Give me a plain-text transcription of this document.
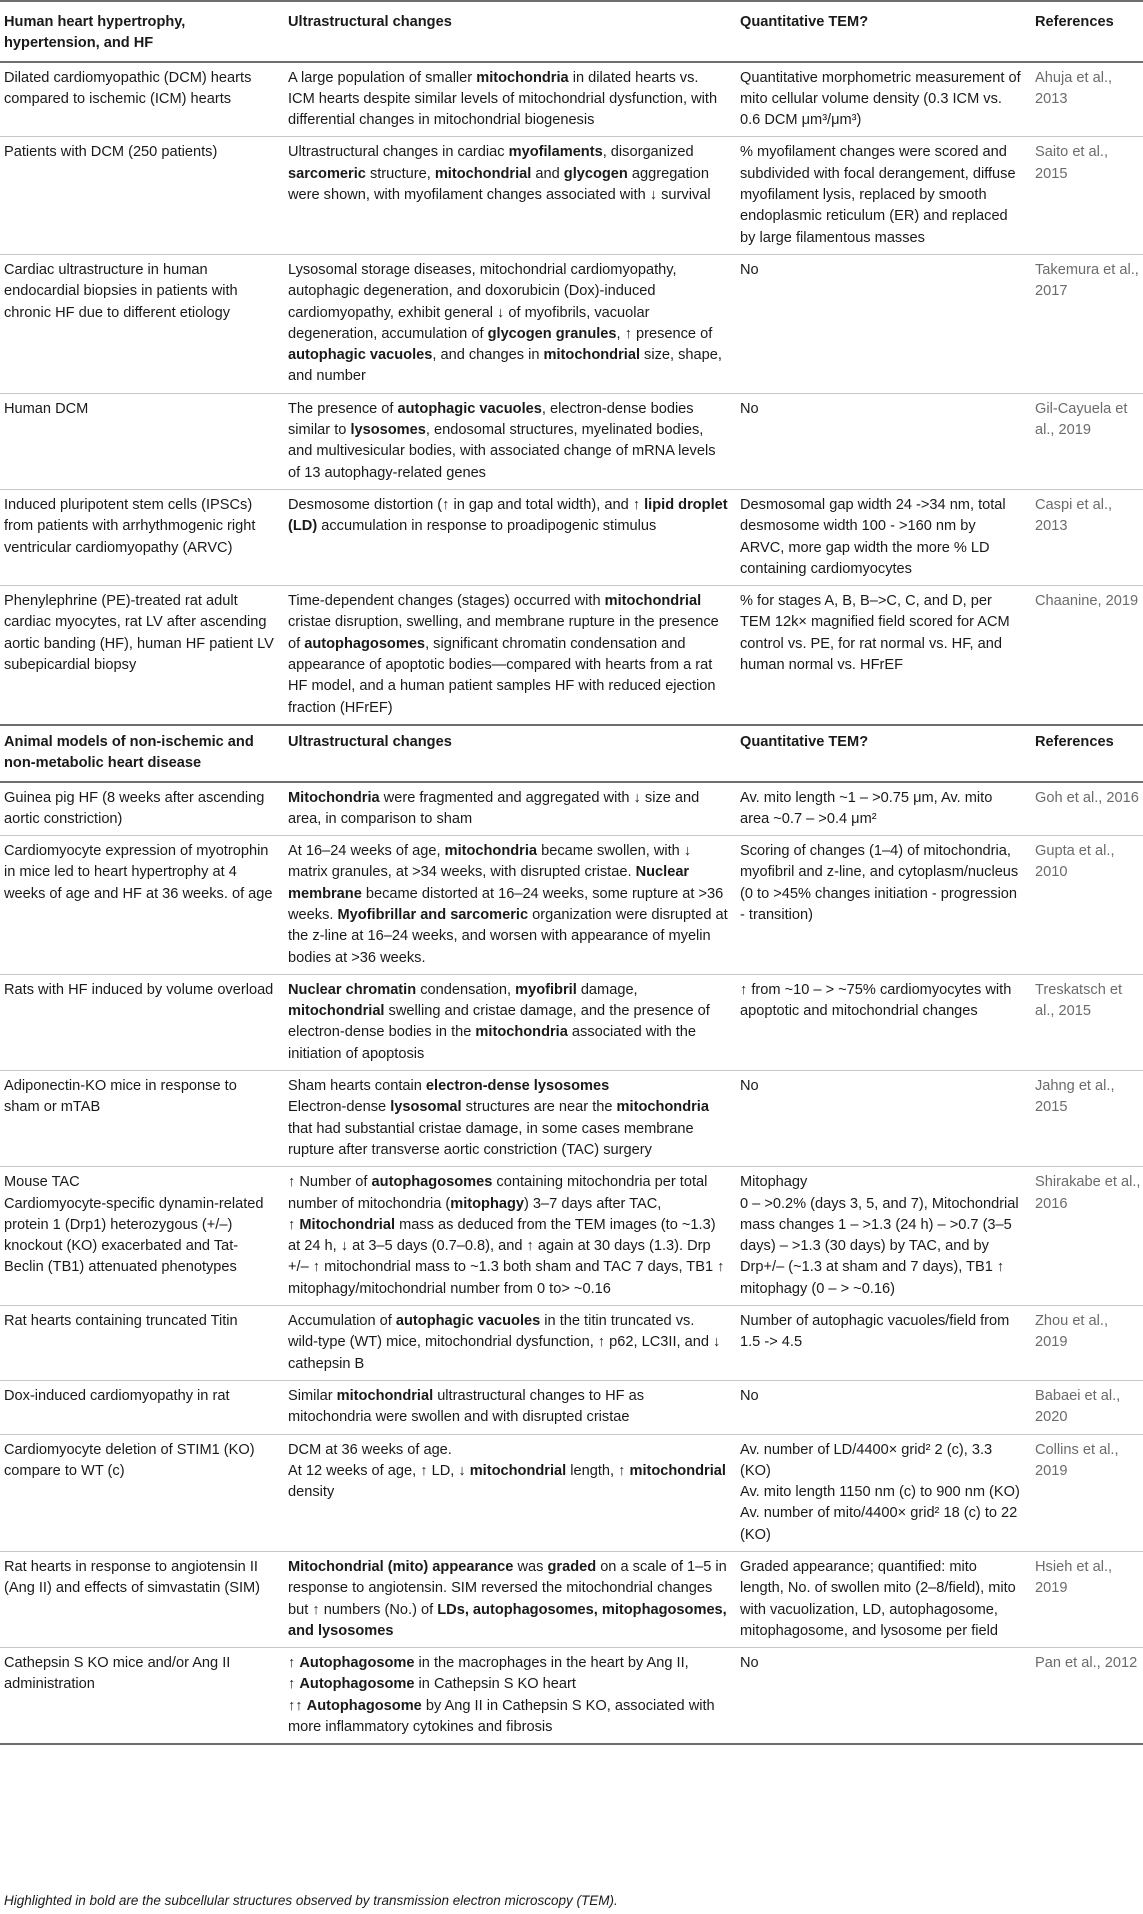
Human heart hypertrophy, hypertension, and HF	Ultrastructural changes	Quantitative TEM?	References

Dilated cardiomyopathic (DCM) hearts compared to ischemic (ICM) hearts	A large population of smaller mitochondria in dilated hearts vs. ICM hearts despite similar levels of mitochondrial dysfunction, with differential changes in mitochondrial biogenesis	Quantitative morphometric measurement of mito cellular volume density (0.3 ICM vs. 0.6 DCM μm³/μm³)	Ahuja et al., 2013

Patients with DCM (250 patients)	Ultrastructural changes in cardiac myofilaments, disorganized sarcomeric structure, mitochondrial and glycogen aggregation were shown, with myofilament changes associated with ↓ survival	% myofilament changes were scored and subdivided with focal derangement, diffuse myofilament lysis, replaced by smooth endoplasmic reticulum (ER) and replaced by large filamentous masses	Saito et al., 2015

Cardiac ultrastructure in human endocardial biopsies in patients with chronic HF due to different etiology	Lysosomal storage diseases, mitochondrial cardiomyopathy, autophagic degeneration, and doxorubicin (Dox)-induced cardiomyopathy, exhibit general ↓ of myofibrils, vacuolar degeneration, accumulation of glycogen granules, ↑ presence of autophagic vacuoles, and changes in mitochondrial size, shape, and number	No	Takemura et al., 2017

Human DCM	The presence of autophagic vacuoles, electron-dense bodies similar to lysosomes, endosomal structures, myelinated bodies, and multivesicular bodies, with associated change of mRNA levels of 13 autophagy-related genes	No	Gil-Cayuela et al., 2019

Induced pluripotent stem cells (IPSCs) from patients with arrhythmogenic right ventricular cardiomyopathy (ARVC)	Desmosome distortion (↑ in gap and total width), and ↑ lipid droplet (LD) accumulation in response to proadipogenic stimulus	Desmosomal gap width 24 ->34 nm, total desmosome width 100 - >160 nm by ARVC, more gap width the more % LD containing cardiomyocytes	Caspi et al., 2013

Phenylephrine (PE)-treated rat adult cardiac myocytes, rat LV after ascending aortic banding (HF), human HF patient LV subepicardial biopsy	Time-dependent changes (stages) occurred with mitochondrial cristae disruption, swelling, and membrane rupture in the presence of autophagosomes, significant chromatin condensation and appearance of apoptotic bodies—compared with hearts from a rat HF model, and a human patient samples HF with reduced ejection fraction (HFrEF)	% for stages A, B, B–>C, C, and D, per TEM 12k× magnified field scored for ACM control vs. PE, for rat normal vs. HF, and human normal vs. HFrEF	Chaanine, 2019

Animal models of non-ischemic and non-metabolic heart disease	Ultrastructural changes	Quantitative TEM?	References

Guinea pig HF (8 weeks after ascending aortic constriction)	Mitochondria were fragmented and aggregated with ↓ size and area, in comparison to sham	Av. mito length ~1 – >0.75 μm, Av. mito area ~0.7 – >0.4 μm²	Goh et al., 2016

Cardiomyocyte expression of myotrophin in mice led to heart hypertrophy at 4 weeks of age and HF at 36 weeks. of age	At 16–24 weeks of age, mitochondria became swollen, with ↓ matrix granules, at >34 weeks, with disrupted cristae. Nuclear membrane became distorted at 16–24 weeks, some rupture at >36 weeks. Myofibrillar and sarcomeric organization were disrupted at the z-line at 16–24 weeks, and worsen with appearance of myelin bodies at >36 weeks.	Scoring of changes (1–4) of mitochondria, myofibril and z-line, and cytoplasm/nucleus (0 to >45% changes initiation - progression - transition)	Gupta et al., 2010

Rats with HF induced by volume overload	Nuclear chromatin condensation, myofibril damage, mitochondrial swelling and cristae damage, and the presence of electron-dense bodies in the mitochondria associated with the initiation of apoptosis	↑ from ~10 – > ~75% cardiomyocytes with apoptotic and mitochondrial changes	Treskatsch et al., 2015

Adiponectin-KO mice in response to sham or mTAB	Sham hearts contain electron-dense lysosomes
Electron-dense lysosomal structures are near the mitochondria that had substantial cristae damage, in some cases membrane rupture after transverse aortic constriction (TAC) surgery	No	Jahng et al., 2015

Mouse TAC
Cardiomyocyte-specific dynamin-related protein 1 (Drp1) heterozygous (+/–) knockout (KO) exacerbated and Tat-Beclin (TB1) attenuated phenotypes	↑ Number of autophagosomes containing mitochondria per total number of mitochondria (mitophagy) 3–7 days after TAC,
↑ Mitochondrial mass as deduced from the TEM images (to ~1.3) at 24 h, ↓ at 3–5 days (0.7–0.8), and ↑ again at 30 days (1.3). Drp +/– ↑ mitochondrial mass to ~1.3 both sham and TAC 7 days, TB1 ↑ mitophagy/mitochondrial number from 0 to> ~0.16	Mitophagy
0 – >0.2% (days 3, 5, and 7), Mitochondrial mass changes 1 – >1.3 (24 h) – >0.7 (3–5 days) – >1.3 (30 days) by TAC, and by Drp+/– (~1.3 at sham and 7 days), TB1 ↑ mitophagy (0 – > ~0.16)	Shirakabe et al., 2016

Rat hearts containing truncated Titin	Accumulation of autophagic vacuoles in the titin truncated vs. wild-type (WT) mice, mitochondrial dysfunction, ↑ p62, LC3II, and ↓ cathepsin B	Number of autophagic vacuoles/field from 1.5 -> 4.5	Zhou et al., 2019

Dox-induced cardiomyopathy in rat	Similar mitochondrial ultrastructural changes to HF as mitochondria were swollen and with disrupted cristae	No	Babaei et al., 2020

Cardiomyocyte deletion of STIM1 (KO) compare to WT (c)	DCM at 36 weeks of age.
At 12 weeks of age, ↑ LD, ↓ mitochondrial length, ↑ mitochondrial density	Av. number of LD/4400× grid² 2 (c), 3.3 (KO)
Av. mito length 1150 nm (c) to 900 nm (KO)
Av. number of mito/4400× grid² 18 (c) to 22 (KO)	Collins et al., 2019

Rat hearts in response to angiotensin II (Ang II) and effects of simvastatin (SIM)	Mitochondrial (mito) appearance was graded on a scale of 1–5 in response to angiotensin. SIM reversed the mitochondrial changes but ↑ numbers (No.) of LDs, autophagosomes, mitophagosomes, and lysosomes	Graded appearance; quantified: mito length, No. of swollen mito (2–8/field), mito with vacuolization, LD, autophagosome, mitophagosome, and lysosome per field	Hsieh et al., 2019

Cathepsin S KO mice and/or Ang II administration	↑ Autophagosome in the macrophages in the heart by Ang II,
↑ Autophagosome in Cathepsin S KO heart
↑↑ Autophagosome by Ang II in Cathepsin S KO, associated with more inflammatory cytokines and fibrosis	No	Pan et al., 2012
Highlighted in bold are the subcellular structures observed by transmission electron microscopy (TEM).
